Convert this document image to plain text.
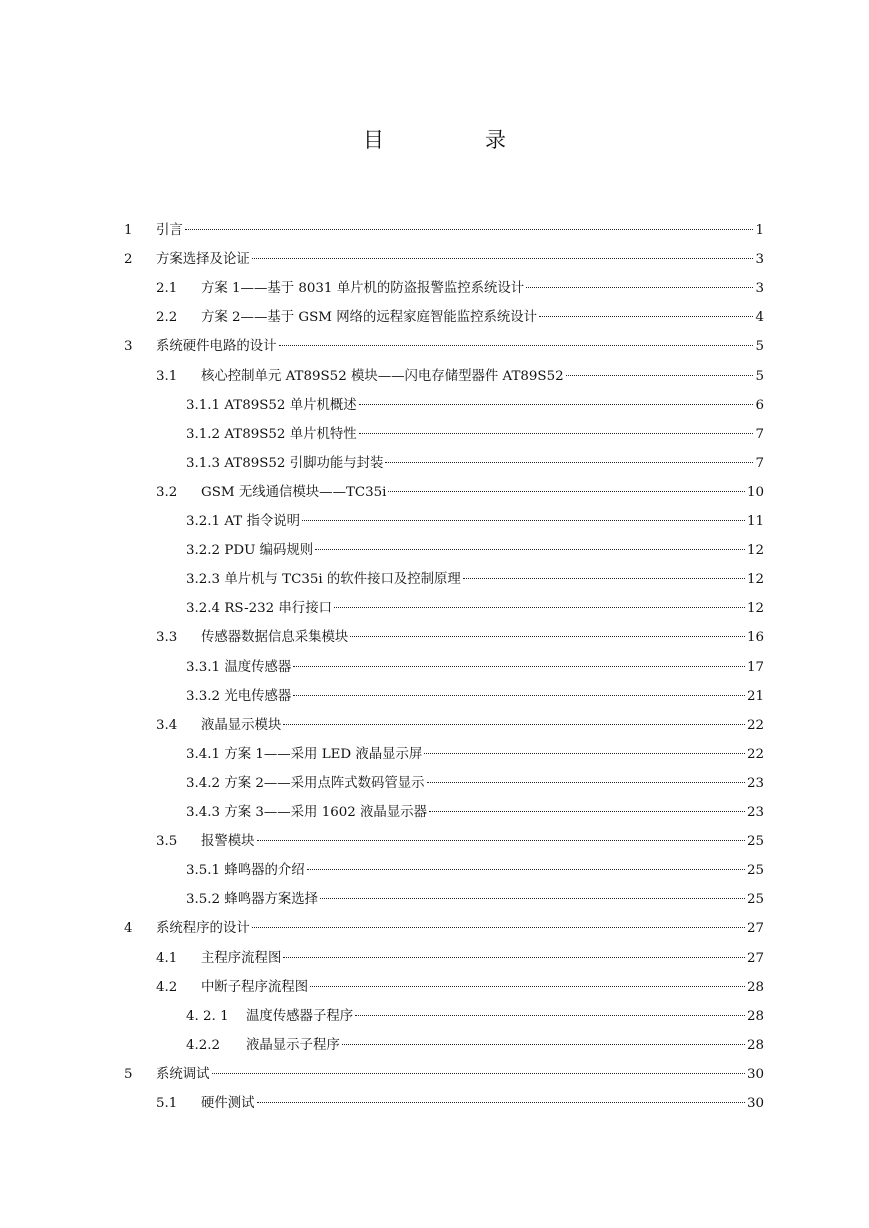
目　录
1 引言	1
2 方案选择及论证	3
2.1 方案 1——基于 8031 单片机的防盗报警监控系统设计	3
2.2 方案 2——基于 GSM 网络的远程家庭智能监控系统设计	4
3 系统硬件电路的设计	5
3.1 核心控制单元 AT89S52 模块——闪电存储型器件 AT89S52	5
3.1.1 AT89S52 单片机概述	6
3.1.2 AT89S52 单片机特性	7
3.1.3 AT89S52 引脚功能与封装	7
3.2 GSM 无线通信模块——TC35i	10
3.2.1 AT 指令说明	11
3.2.2 PDU 编码规则	12
3.2.3 单片机与 TC35i 的软件接口及控制原理	12
3.2.4 RS-232 串行接口	12
3.3 传感器数据信息采集模块	16
3.3.1 温度传感器	17
3.3.2 光电传感器	21
3.4 液晶显示模块	22
3.4.1 方案 1——采用 LED 液晶显示屏	22
3.4.2 方案 2——采用点阵式数码管显示	23
3.4.3 方案 3——采用 1602 液晶显示器	23
3.5 报警模块	25
3.5.1 蜂鸣器的介绍	25
3.5.2 蜂鸣器方案选择	25
4 系统程序的设计	27
4.1 主程序流程图	27
4.2 中断子程序流程图	28
4. 2. 1 温度传感器子程序	28
4.2.2 液晶显示子程序	28
5 系统调试	30
5.1 硬件测试	30
